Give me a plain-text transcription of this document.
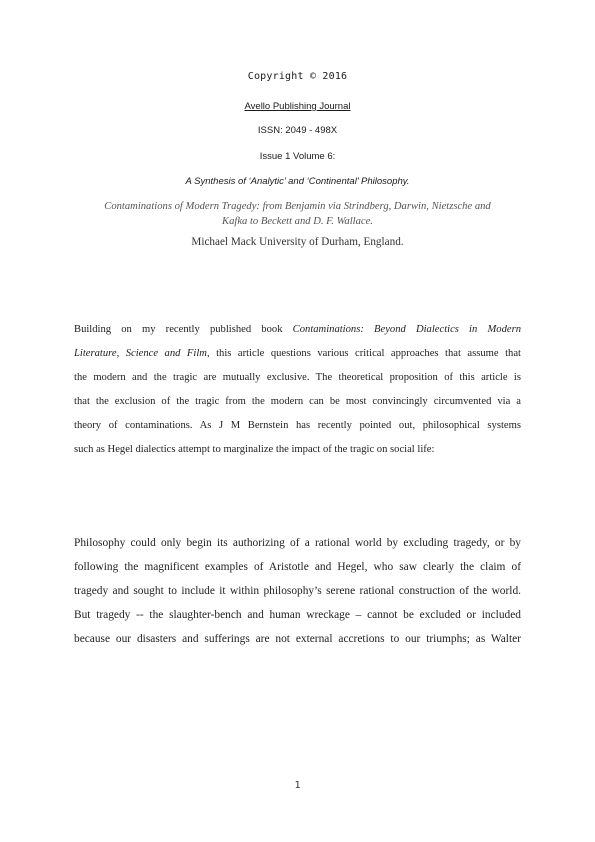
Copyright © 2016
Avello Publishing Journal
ISSN: 2049 - 498X
Issue 1 Volume 6:
A Synthesis of ‘Analytic’ and ‘Continental’ Philosophy.
Contaminations of Modern Tragedy: from Benjamin via Strindberg, Darwin, Nietzsche and
Kafka to Beckett and D. F. Wallace.
Michael Mack University of Durham, England.
Building on my recently published book Contaminations: Beyond Dialectics in Modern
Literature, Science and Film, this article questions various critical approaches that assume that
the modern and the tragic are mutually exclusive. The theoretical proposition of this article is
that the exclusion of the tragic from the modern can be most convincingly circumvented via a
theory of contaminations. As J M Bernstein has recently pointed out, philosophical systems
such as Hegel dialectics attempt to marginalize the impact of the tragic on social life:
Philosophy could only begin its authorizing of a rational world by excluding tragedy, or by
following the magnificent examples of Aristotle and Hegel, who saw clearly the claim of
tragedy and sought to include it within philosophy’s serene rational construction of the world.
But tragedy -- the slaughter-bench and human wreckage – cannot be excluded or included
because our disasters and sufferings are not external accretions to our triumphs; as Walter
1
